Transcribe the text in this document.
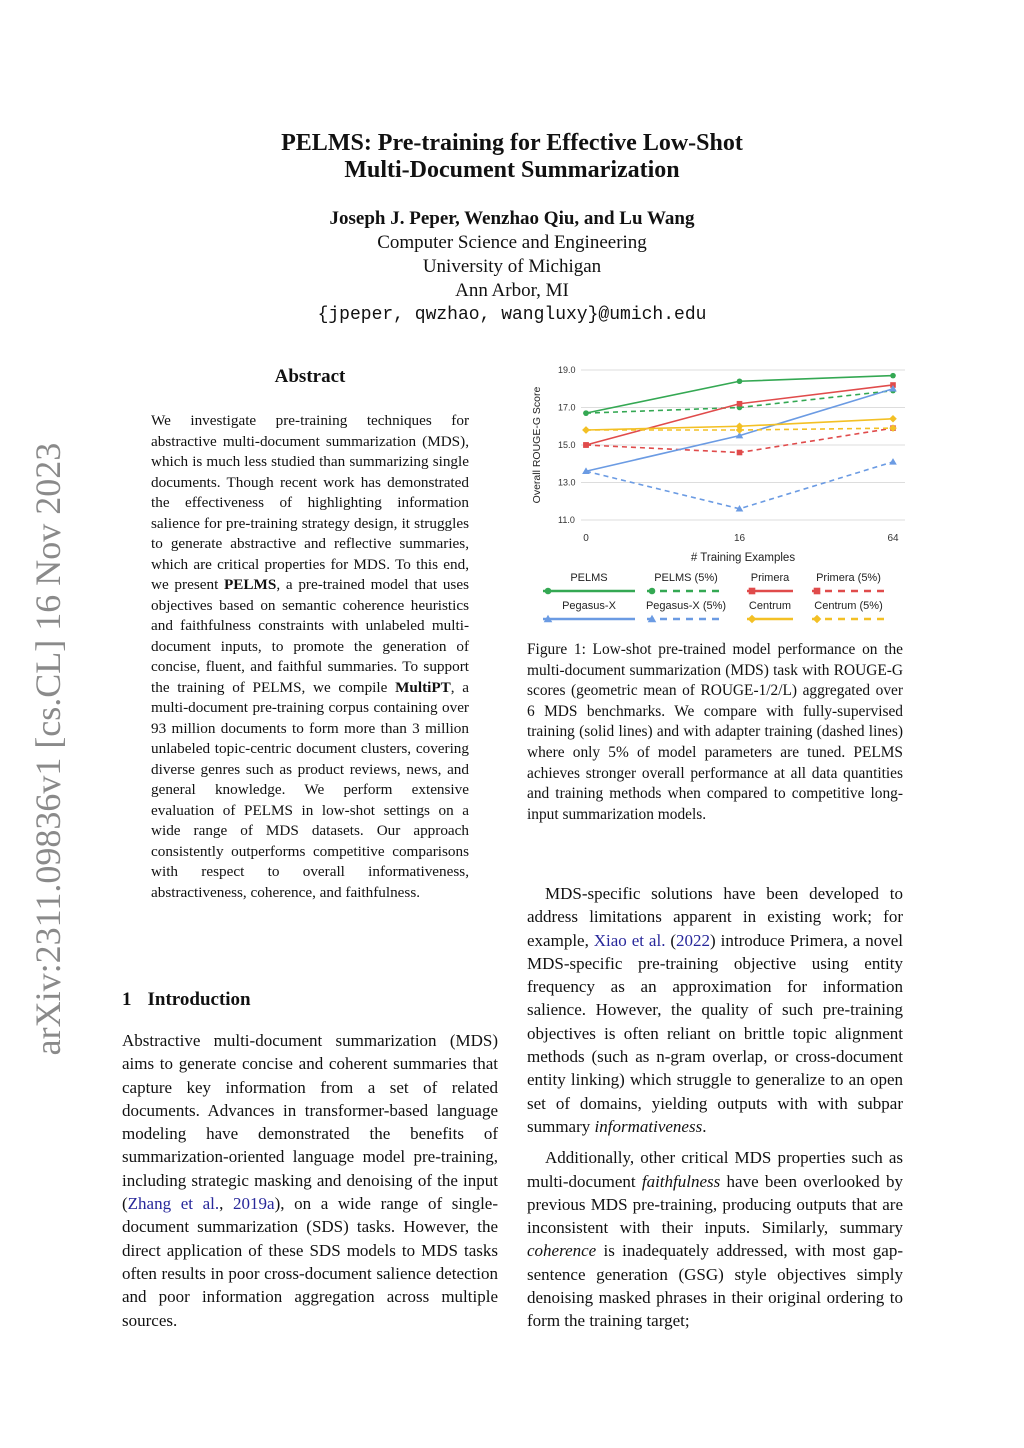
arXiv:2311.09836v1 [cs.CL] 16 Nov 2023
PELMS: Pre-training for Effective Low-Shot
Multi-Document Summarization
Joseph J. Peper, Wenzhao Qiu, and Lu Wang
Computer Science and Engineering
University of Michigan
Ann Arbor, MI
{jpeper, qwzhao, wangluxy}@umich.edu
Abstract
We investigate pre-training techniques for abstractive multi-document summarization (MDS), which is much less studied than summarizing single documents. Though recent work has demonstrated the effectiveness of highlighting information salience for pre-training strategy design, it struggles to generate abstractive and reflective summaries, which are critical properties for MDS. To this end, we present PELMS, a pre-trained model that uses objectives based on semantic coherence heuristics and faithfulness constraints with unlabeled multi-document inputs, to promote the generation of concise, fluent, and faithful summaries. To support the training of PELMS, we compile MultiPT, a multi-document pre-training corpus containing over 93 million documents to form more than 3 million unlabeled topic-centric document clusters, covering diverse genres such as product reviews, news, and general knowledge. We perform extensive evaluation of PELMS in low-shot settings on a wide range of MDS datasets. Our approach consistently outperforms competitive comparisons with respect to overall informativeness, abstractiveness, coherence, and faithfulness.
1 Introduction

Abstractive multi-document summarization (MDS) aims to generate concise and coherent summaries that capture key information from a set of related documents. Advances in transformer-based language modeling have demonstrated the benefits of summarization-oriented language model pre-training, including strategic masking and denoising of the input (Zhang et al., 2019a), on a wide range of single-document summarization (SDS) tasks. However, the direct application of these SDS models to MDS tasks often results in poor cross-document salience detection and poor information aggregation across multiple sources.

11.0
13.0
15.0
17.0
19.0
0	16	64
# Training Examples
Overall ROUGE-G Score
PELMS	PELMS (5%)	Primera Primera (5%)
Pegasus-X	Pegasus-X (5%) Centrum Centrum (5%)
Figure 1: Low-shot pre-trained model performance on the multi-document summarization (MDS) task with ROUGE-G scores (geometric mean of ROUGE-1/2/L) aggregated over 6 MDS benchmarks. We compare with fully-supervised training (solid lines) and with adapter training (dashed lines) where only 5% of model parameters are tuned. PELMS achieves stronger overall performance at all data quantities and training methods when compared to competitive long-input summarization models.

MDS-specific solutions have been developed to address limitations apparent in existing work; for example, Xiao et al. (2022) introduce Primera, a novel MDS-specific pre-training objective using entity frequency as an approximation for information salience. However, the quality of such pre-training objectives is often reliant on brittle topic alignment methods (such as n-gram overlap, or cross-document entity linking) which struggle to generalize to an open set of domains, yielding outputs with with subpar summary informativeness.

Additionally, other critical MDS properties such as multi-document faithfulness have been overlooked by previous MDS pre-training, producing outputs that are inconsistent with their inputs. Similarly, summary coherence is inadequately addressed, with most gap-sentence generation (GSG) style objectives simply denoising masked phrases in their original ordering to form the training target;
